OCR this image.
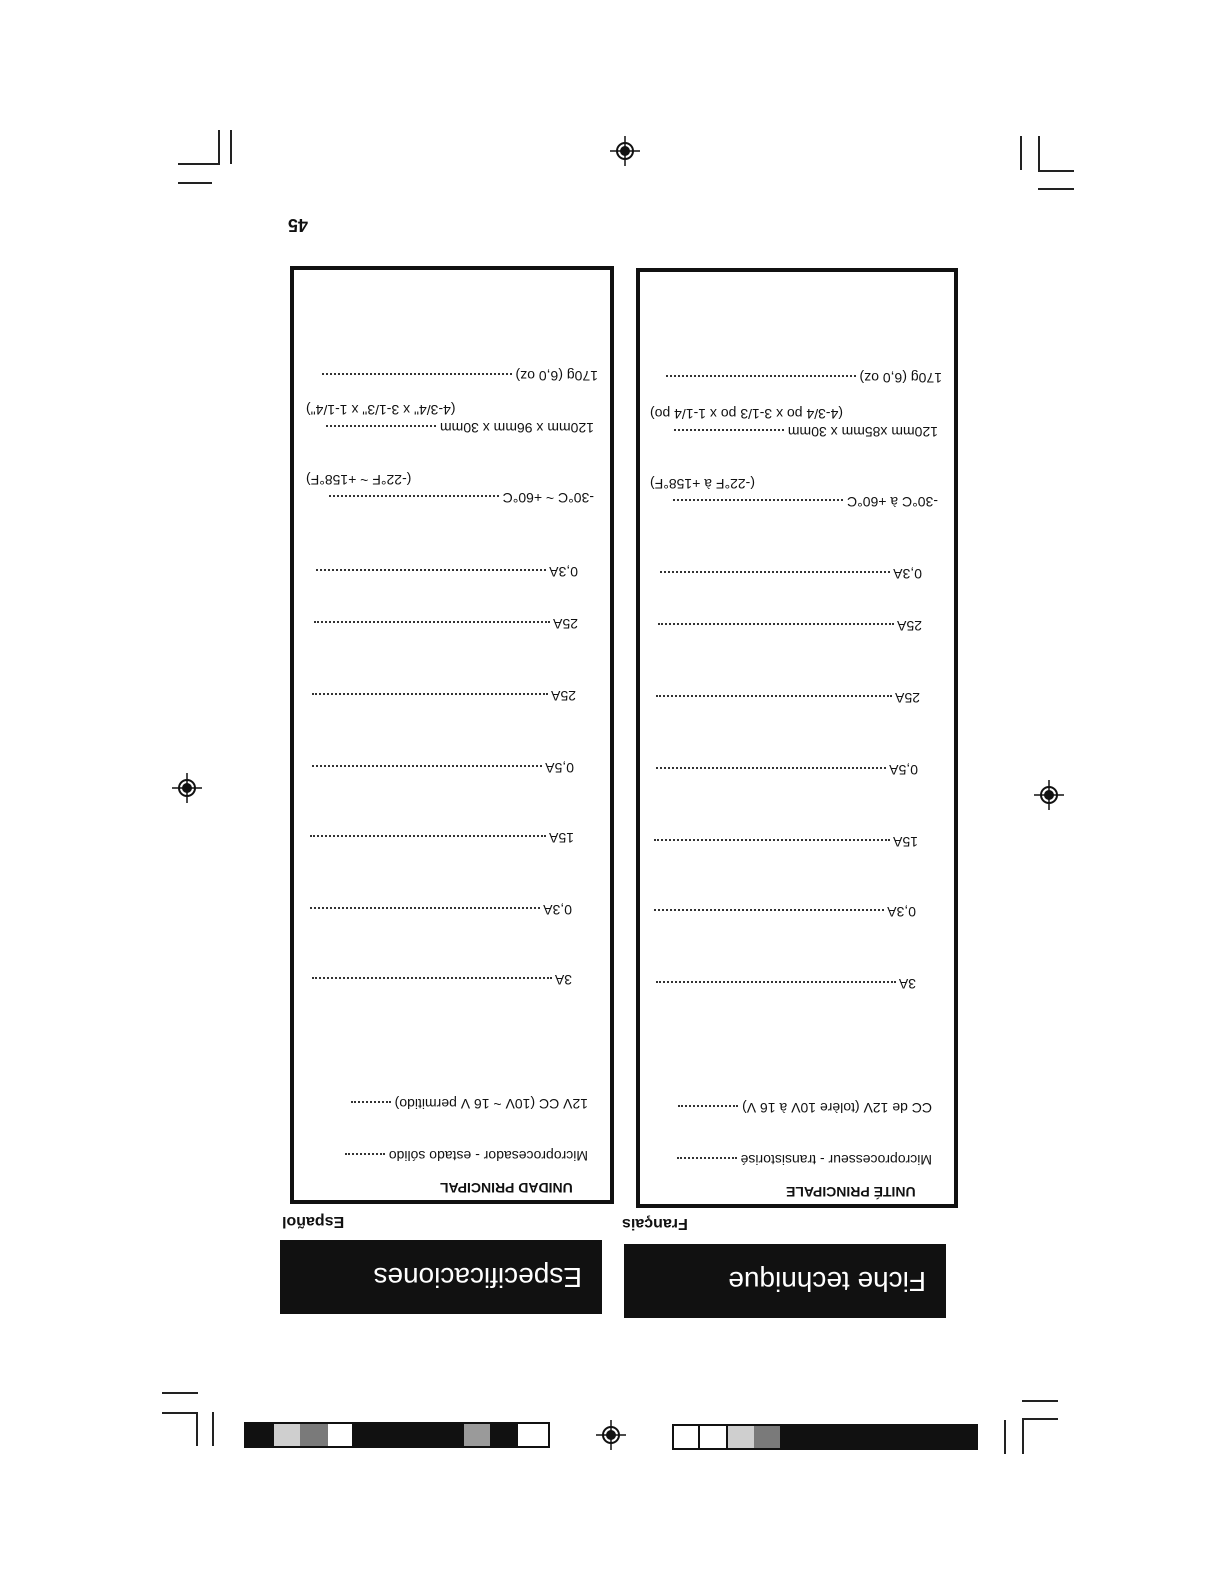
45
UNIDAD PRINCIPAL
Microprocesador - estado sólido
12V CC (10V ~ 16 V permitido)
3A
0,3A
15A
0,5A
25A
25A
0,3A
-30°C ~ +60°C
(-22°F ~ +158°F)
120mm x 96mm x 30mm
(4-3/4" x 3-1/3" x 1-1/4")
170g (6,0 oz)
UNITÉ PRINCIPALE
Microprocesseur - transistorisé
CC de 12V (tolère 10V à 16 V)
3A
0,3A
15A
0,5A
25A
25A
0,3A
-30°C à +60°C
(-22°F à +158°F)
120mm x85mm x 30mm
(4-3/4 po x 3-1/3 po x 1-1/4 po)
170g (6,0 oz)
Español	Français
Especificaciones	Fiche technique
